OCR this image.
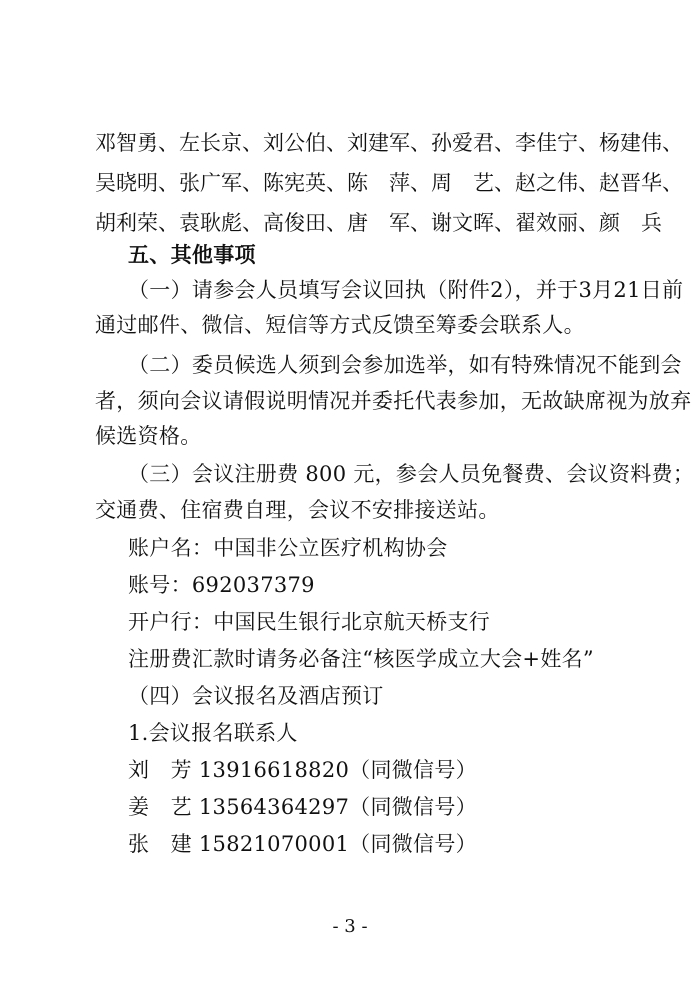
邓智勇、 左长京、 刘公伯、 刘建军、 孙爱君、 李佳宁、 杨建伟、
吴晓明、 张广军、 陈宪英、 陈　萍、 周　艺、 赵之伟、 赵晋华、
胡利荣、 袁耿彪、 高俊田、 唐　军、 谢文晖、 翟效丽、 颜　兵
五、其他事项
（一）请参会人员填写会议回执（附件2），并于3月21日前
通过邮件、微信、短信等方式反馈至筹委会联系人。
（二）委员候选人须到会参加选举，如有特殊情况不能到会
者，须向会议请假说明情况并委托代表参加，无故缺席视为放弃
候选资格。
（三）会议注册费 800 元，参会人员免餐费、会议资料费；
交通费、住宿费自理，会议不安排接送站。
账户名：中国非公立医疗机构协会
账号：692037379
开户行：中国民生银行北京航天桥支行
注册费汇款时请务必备注“核医学成立大会+姓名”
（四）会议报名及酒店预订
1.会议报名联系人
刘　芳 13916618820（同微信号）
姜　艺 13564364297（同微信号）
张　建 15821070001（同微信号）
- 3 -
